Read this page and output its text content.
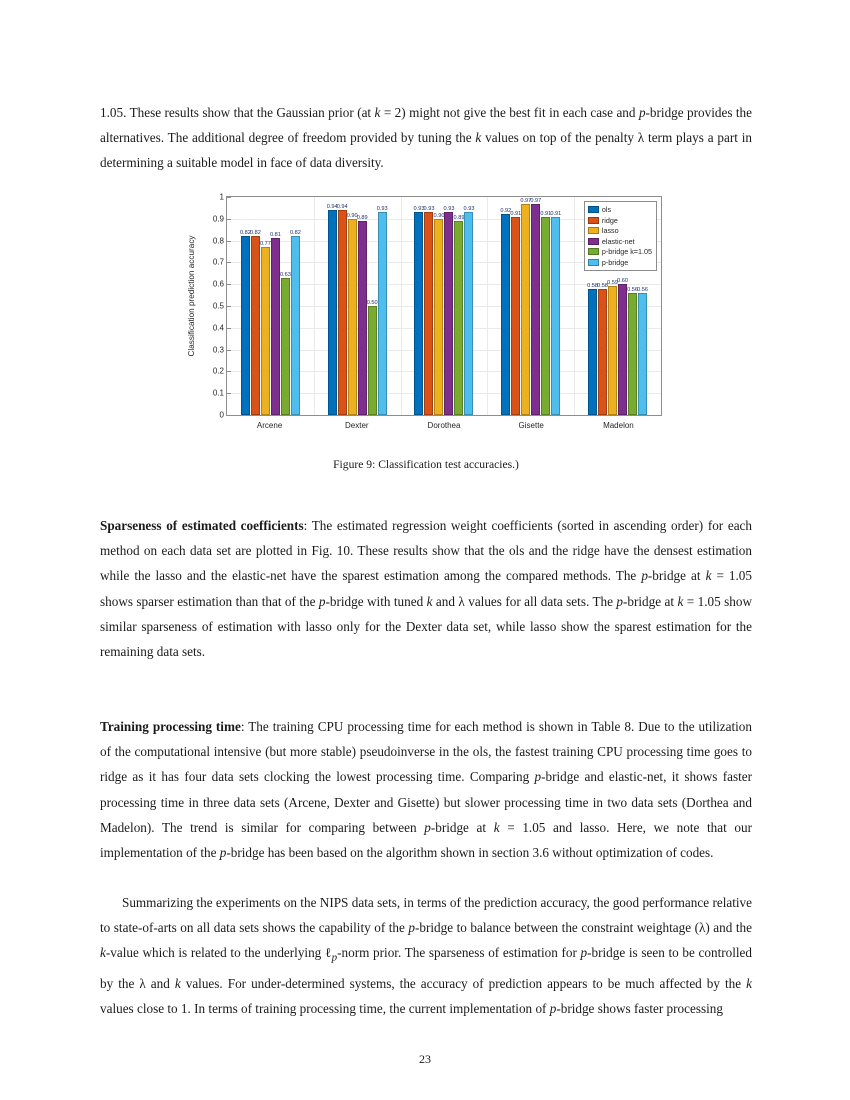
1.05. These results show that the Gaussian prior (at k = 2) might not give the best fit in each case and p-bridge provides the alternatives. The additional degree of freedom provided by tuning the k values on top of the penalty λ term plays a part in determining a suitable model in face of data diversity.

Classification prediction accuracy
0
0.1
0.2
0.3
0.4
0.5
0.6
0.7
0.8
0.9
1
0.82 0.82
0.77
0.81
0.63
0.82
0.94 0.94
0.90 0.89
0.50
0.93	0.93 0.93
0.90
0.93
0.89
0.93	0.92 0.91
0.97 0.97
0.91 0.91
0.58 0.58 0.59 0.60
0.56 0.56
ols
ridge
lasso
elastic-net
p-bridge k=1.05
p-bridge
Arcene	Dexter	Dorothea	Gisette	Madelon
Figure 9: Classification test accuracies.)

Sparseness of estimated coefficients: The estimated regression weight coefficients (sorted in ascending order) for each method on each data set are plotted in Fig. 10. These results show that the ols and the ridge have the densest estimation while the lasso and the elastic-net have the sparest estimation among the compared methods. The p-bridge at k = 1.05 shows sparser estimation than that of the p-bridge with tuned k and λ values for all data sets. The p-bridge at k = 1.05 show similar sparseness of estimation with lasso only for the Dexter data set, while lasso show the sparest estimation for the remaining data sets.

Training processing time: The training CPU processing time for each method is shown in Table 8. Due to the utilization of the computational intensive (but more stable) pseudoinverse in the ols, the fastest training CPU processing time goes to ridge as it has four data sets clocking the lowest processing time. Comparing p-bridge and elastic-net, it shows faster processing time in three data sets (Arcene, Dexter and Gisette) but slower processing time in two data sets (Dorthea and Madelon). The trend is similar for comparing between p-bridge at k = 1.05 and lasso. Here, we note that our implementation of the p-bridge has been based on the algorithm shown in section 3.6 without optimization of codes.

Summarizing the experiments on the NIPS data sets, in terms of the prediction accuracy, the good performance relative to state-of-arts on all data sets shows the capability of the p-bridge to balance between the constraint weightage (λ) and the k-value which is related to the underlying ℓ$_p$-norm prior. The sparseness of estimation for p-bridge is seen to be controlled by the λ and k values. For under-determined systems, the accuracy of prediction appears to be much affected by the k values close to 1. In terms of training processing time, the current implementation of p-bridge shows faster processing

23
